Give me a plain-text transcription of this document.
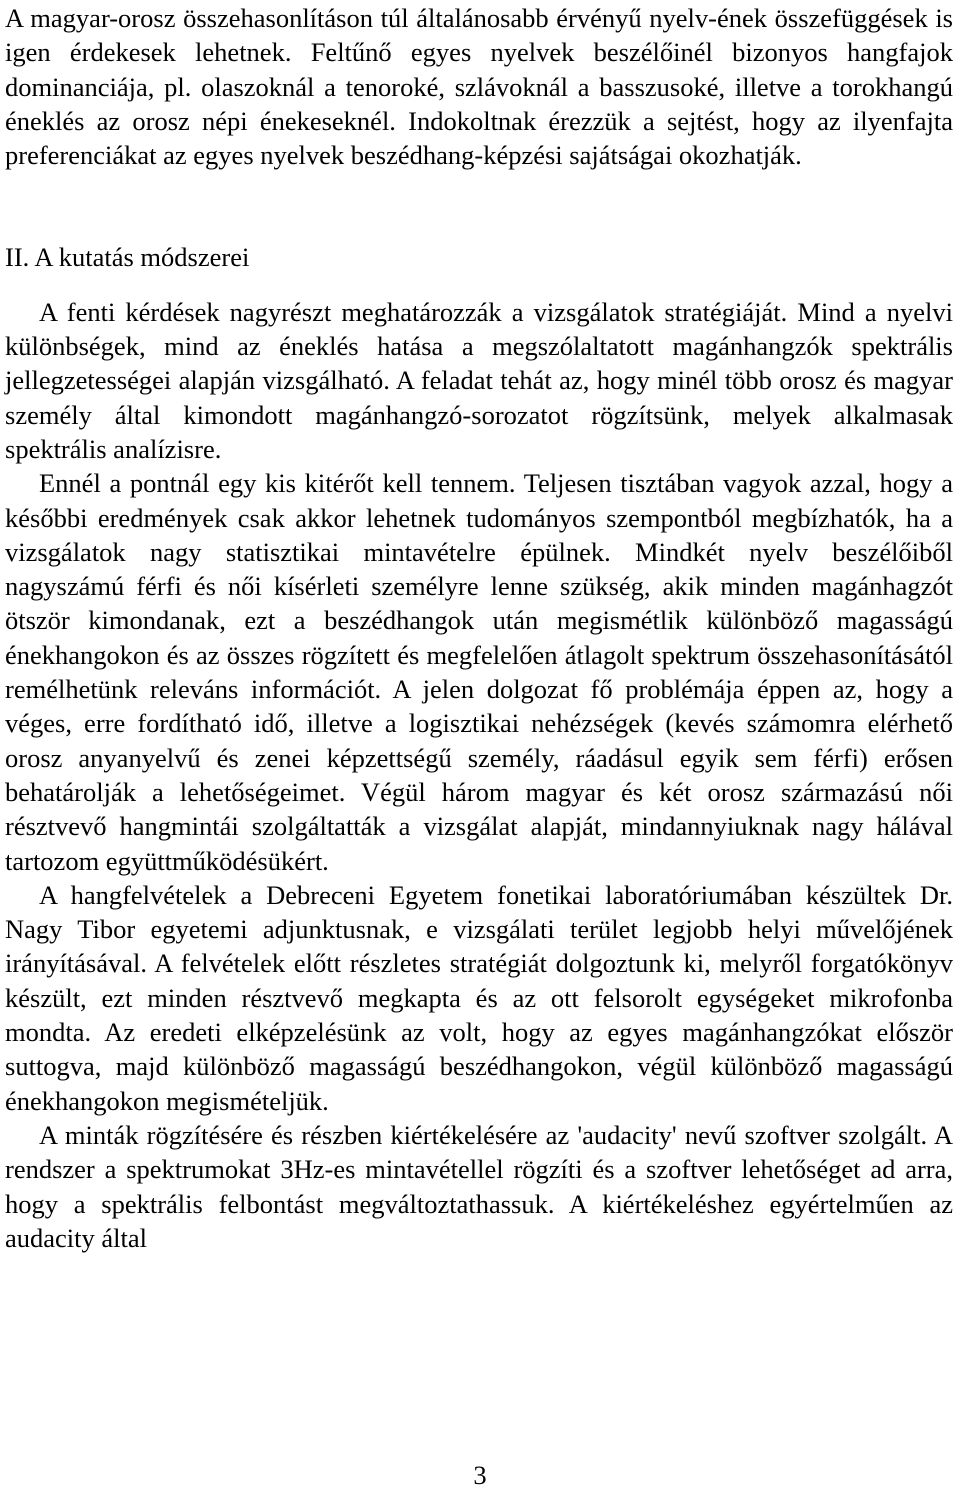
A magyar-orosz összehasonlításon túl általánosabb érvényű nyelv-ének összefüggések is igen érdekesek lehetnek. Feltűnő egyes nyelvek beszélőinél bizonyos hangfajok dominanciája, pl. olaszoknál a tenoroké, szlávoknál a basszusoké, illetve a torokhangú éneklés az orosz népi énekeseknél. Indokoltnak érezzük a sejtést, hogy az ilyenfajta preferenciákat az egyes nyelvek beszédhang-képzési sajátságai okozhatják.

II. A kutatás módszerei

A fenti kérdések nagyrészt meghatározzák a vizsgálatok stratégiáját. Mind a nyelvi különbségek, mind az éneklés hatása a megszólaltatott magánhangzók spektrális jellegzetességei alapján vizsgálható. A feladat tehát az, hogy minél több orosz és magyar személy által kimondott magánhangzó-sorozatot rögzítsünk, melyek alkalmasak spektrális analízisre.

Ennél a pontnál egy kis kitérőt kell tennem. Teljesen tisztában vagyok azzal, hogy a későbbi eredmények csak akkor lehetnek tudományos szempontból megbízhatók, ha a vizsgálatok nagy statisztikai mintavételre épülnek. Mindkét nyelv beszélőiből nagyszámú férfi és női kísérleti személyre lenne szükség, akik minden magánhagzót ötször kimondanak, ezt a beszédhangok után megismétlik különböző magasságú énekhangokon és az összes rögzített és megfelelően átlagolt spektrum összehasonításától remélhetünk releváns információt. A jelen dolgozat fő problémája éppen az, hogy a véges, erre fordítható idő, illetve a logisztikai nehézségek (kevés számomra elérhető orosz anyanyelvű és zenei képzettségű személy, ráadásul egyik sem férfi) erősen behatárolják a lehetőségeimet. Végül három magyar és két orosz származású női résztvevő hangmintái szolgáltatták a vizsgálat alapját, mindannyiuknak nagy hálával tartozom együttműködésükért.

A hangfelvételek a Debreceni Egyetem fonetikai laboratóriumában készültek Dr. Nagy Tibor egyetemi adjunktusnak, e vizsgálati terület legjobb helyi művelőjének irányításával. A felvételek előtt részletes stratégiát dolgoztunk ki, melyről forgatókönyv készült, ezt minden résztvevő megkapta és az ott felsorolt egységeket mikrofonba mondta. Az eredeti elképzelésünk az volt, hogy az egyes magánhangzókat először suttogva, majd különböző magasságú beszédhangokon, végül különböző magasságú énekhangokon megismételjük.

A minták rögzítésére és részben kiértékelésére az 'audacity' nevű szoftver szolgált. A rendszer a spektrumokat 3Hz-es mintavétellel rögzíti és a szoftver lehetőséget ad arra, hogy a spektrális felbontást megváltoztathassuk. A kiértékeléshez egyértelműen az audacity által

3
